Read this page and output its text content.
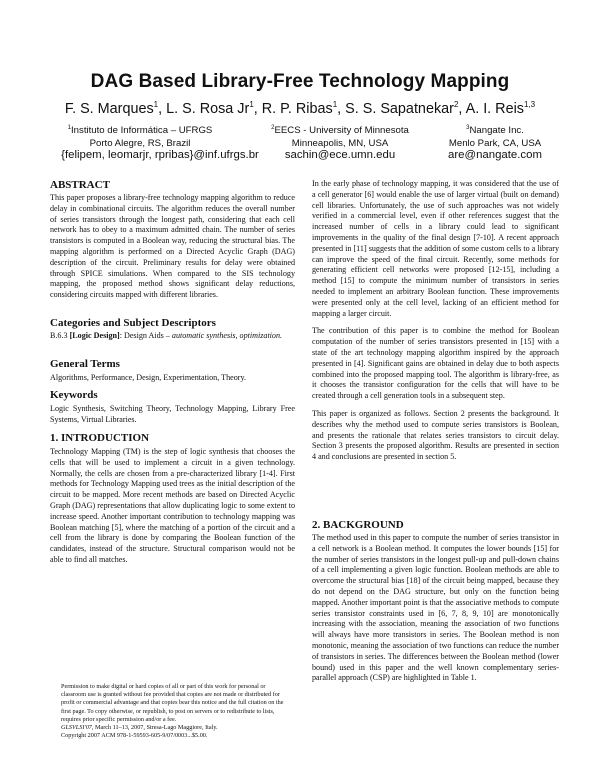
DAG Based Library-Free Technology Mapping
F. S. Marques$^1$, L. S. Rosa Jr$^1$, R. P. Ribas$^1$, S. S. Sapatnekar$^2$, A. I. Reis$^{1,3}$
$^1$Instituto de Informática – UFRGS
Porto Alegre, RS, Brazil
$^2$EECS - University of Minnesota
Minneapolis, MN, USA
$^3$Nangate Inc.
Menlo Park, CA, USA
{felipem, leomarjr, rpribas}@inf.ufrgs.br	sachin@ece.umn.edu	are@nangate.com
ABSTRACT

This paper proposes a library-free technology mapping algorithm to reduce delay in combinational circuits. The algorithm reduces the overall number of series transistors through the longest path, considering that each cell network has to obey to a maximum admitted chain. The number of series transistors is computed in a Boolean way, reducing the structural bias. The mapping algorithm is performed on a Directed Acyclic Graph (DAG) description of the circuit. Preliminary results for delay were obtained through SPICE simulations. When compared to the SIS technology mapping, the proposed method shows significant delay reductions, considering circuits mapped with different libraries.

Categories and Subject Descriptors

B.6.3 [Logic Design]: Design Aids – automatic synthesis, optimization.

General Terms

Algorithms, Performance, Design, Experimentation, Theory.

Keywords

Logic Synthesis, Switching Theory, Technology Mapping, Library Free Systems, Virtual Libraries.

1. INTRODUCTION

Technology Mapping (TM) is the step of logic synthesis that chooses the cells that will be used to implement a circuit in a given technology. Normally, the cells are chosen from a pre-characterized library [1-4]. First methods for Technology Mapping used trees as the initial description of the circuit to be mapped. More recent methods are based on Directed Acyclic Graph (DAG) representations that allow duplicating logic to some extent to increase speed. Another important contribution to technology mapping was Boolean matching [5], where the matching of a portion of the circuit and a cell from the library is done by comparing the Boolean function of the candidates, instead of the structure. Structural comparison would not be able to find all matches.

Permission to make digital or hard copies of all or part of this work for personal or classroom use is granted without fee provided that copies are not made or distributed for profit or commercial advantage and that copies bear this notice and the full citation on the first page. To copy otherwise, or republish, to post on servers or to redistribute to lists, requires prior specific permission and/or a fee.
GLSVLSI'07, March 11–13, 2007, Stresa-Lago Maggiore, Italy.
Copyright 2007 ACM 978-1-59593-605-9/07/0003...$5.00.

In the early phase of technology mapping, it was considered that the use of a cell generator [6] would enable the use of larger virtual (built on demand) cell libraries. Unfortunately, the use of such approaches was not widely verified in a commercial level, even if other references suggest that the increased number of cells in a library could lead to significant improvements in the quality of the final design [7-10]. A recent approach presented in [11] suggests that the addition of some custom cells to a library can improve the speed of the final circuit. Recently, some methods for generating efficient cell networks were proposed [12-15], including a method [15] to compute the minimum number of transistors in series needed to implement an arbitrary Boolean function. These improvements were presented only at the cell level, lacking of an efficient method for mapping a larger circuit.

The contribution of this paper is to combine the method for Boolean computation of the number of series transistors presented in [15] with a state of the art technology mapping algorithm inspired by the approach presented in [4]. Significant gains are obtained in delay due to both aspects combined into the proposed mapping tool. The algorithm is library-free, as it chooses the transistor configuration for the cells that will have to be created through a cell generation tools in a subsequent step.

This paper is organized as follows. Section 2 presents the background. It describes why the method used to compute series transistors is Boolean, and presents the rationale that relates series transistors to circuit delay. Section 3 presents the proposed algorithm. Results are presented in section 4 and conclusions are presented in section 5.

2. BACKGROUND

The method used in this paper to compute the number of series transistor in a cell network is a Boolean method. It computes the lower bounds [15] for the number of series transistors in the longest pull-up and pull-down chains of a cell implementing a given logic function. Boolean methods are able to overcome the structural bias [18] of the circuit being mapped, because they do not depend on the DAG structure, but only on the function being mapped. Another important point is that the associative methods to compute series transistor constraints used in [6, 7, 8, 9, 10] are monotonically increasing with the association, meaning the association of two functions will always have more transistors in series. The Boolean method is non monotonic, meaning the association of two functions can reduce the number of transistors in series. The differences between the Boolean method (lower bound) used in this paper and the well known complementary series-parallel approach (CSP) are highlighted in Table 1.
